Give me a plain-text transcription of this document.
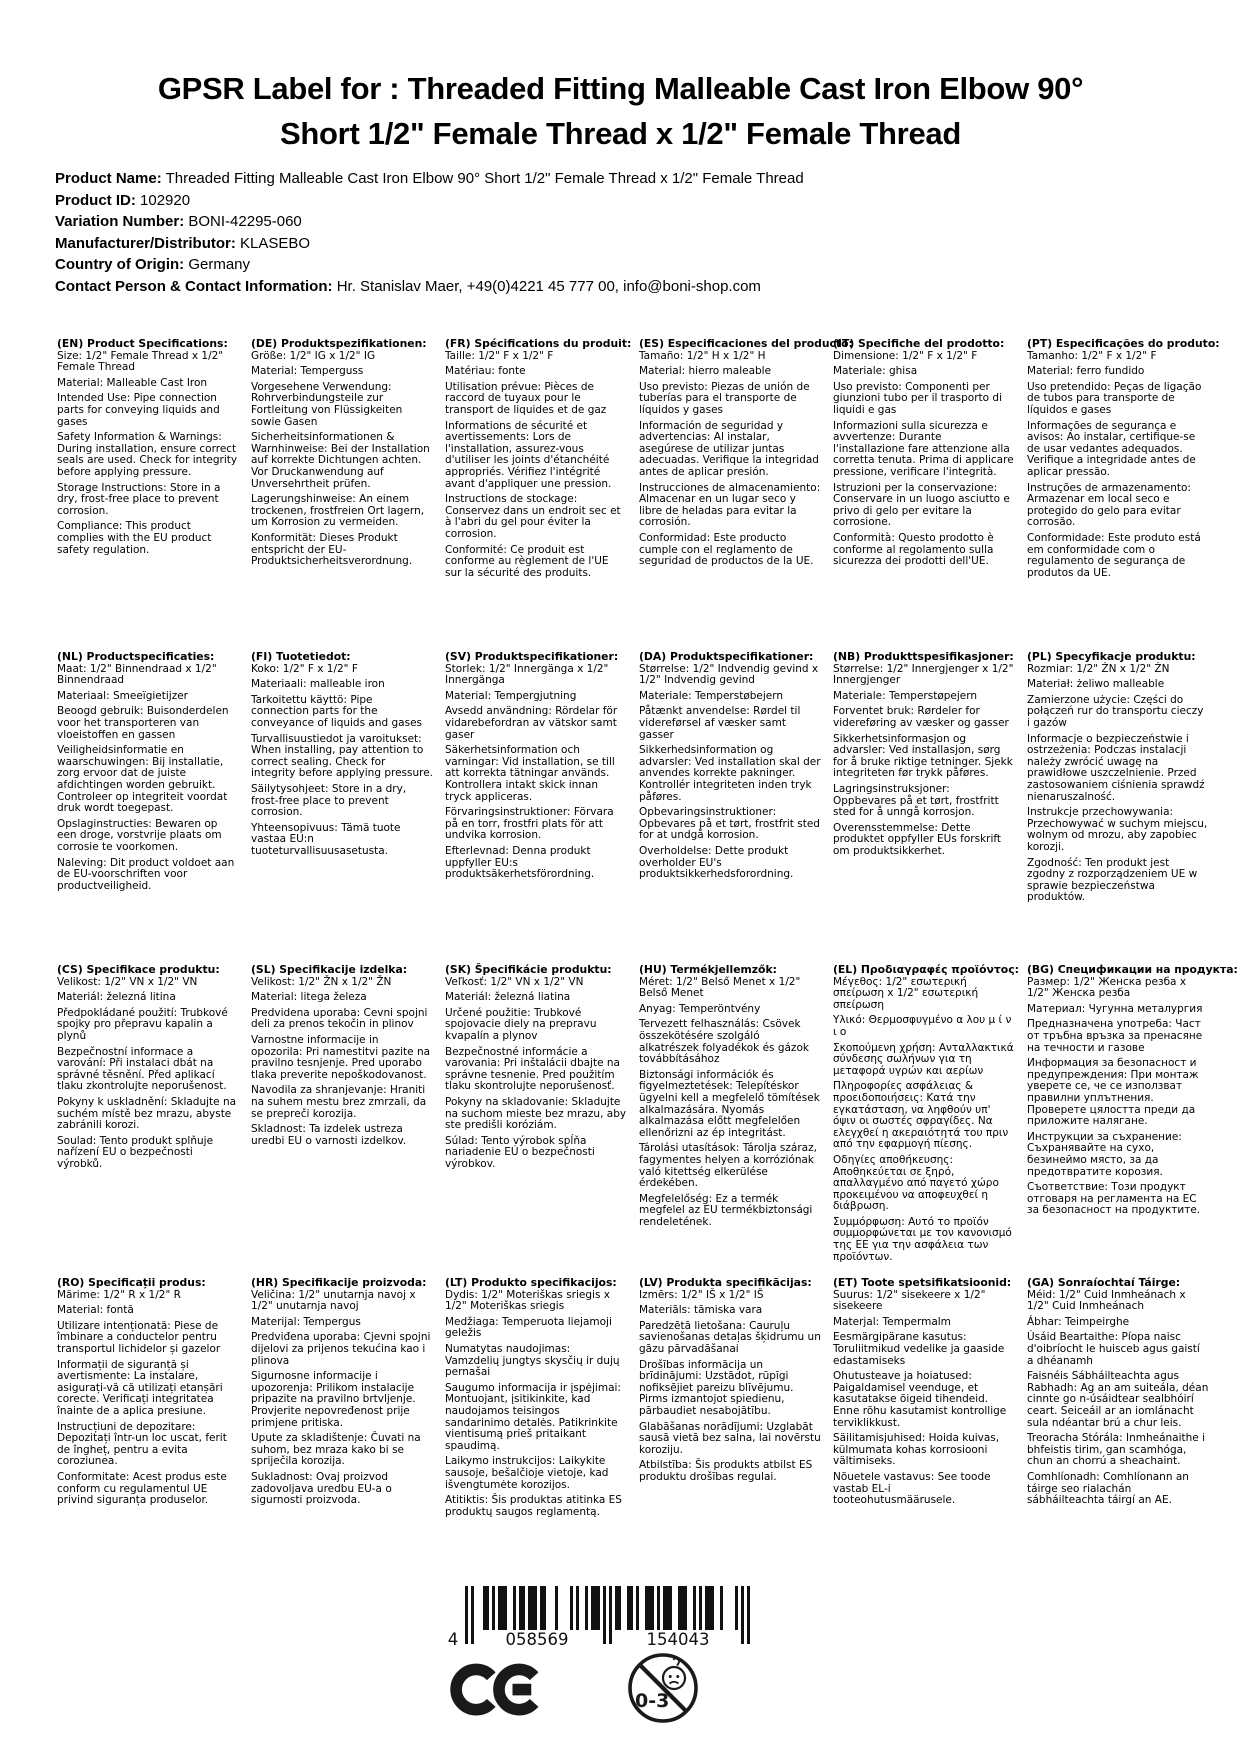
GPSR Label for : Threaded Fitting Malleable Cast Iron Elbow 90°
Short 1/2" Female Thread x 1/2" Female Thread
Product Name: Threaded Fitting Malleable Cast Iron Elbow 90° Short 1/2" Female Thread x 1/2" Female Thread
Product ID: 102920
Variation Number: BONI-42295-060
Manufacturer/Distributor: KLASEBO
Country of Origin: Germany
Contact Person & Contact Information: Hr. Stanislav Maer, +49(0)4221 45 777 00, info@boni-shop.com

(EN) Product Specifications:

Size: 1/2" Female Thread x 1/2" Female Thread

Material: Malleable Cast Iron

Intended Use: Pipe connection parts for conveying liquids and gases

Safety Information & Warnings: During installation, ensure correct seals are used. Check for integrity before applying pressure.

Storage Instructions: Store in a dry, frost-free place to prevent corrosion.

Compliance: This product complies with the EU product safety regulation.

(DE) Produktspezifikationen:

Größe: 1/2" IG x 1/2" IG

Material: Temperguss

Vorgesehene Verwendung: Rohrverbindungsteile zur Fortleitung von Flüssigkeiten sowie Gasen

Sicherheitsinformationen & Warnhinweise: Bei der Installation auf korrekte Dichtungen achten. Vor Druckanwendung auf Unversehrtheit prüfen.

Lagerungshinweise: An einem trockenen, frostfreien Ort lagern, um Korrosion zu vermeiden.

Konformität: Dieses Produkt entspricht der EU-Produktsicherheitsverordnung.

(FR) Spécifications du produit:

Taille: 1/2" F x 1/2" F

Matériau: fonte

Utilisation prévue: Pièces de raccord de tuyaux pour le transport de liquides et de gaz

Informations de sécurité et avertissements: Lors de l'installation, assurez-vous d'utiliser les joints d'étanchéité appropriés. Vérifiez l'intégrité avant d'appliquer une pression.

Instructions de stockage: Conservez dans un endroit sec et à l'abri du gel pour éviter la corrosion.

Conformité: Ce produit est conforme au règlement de l'UE sur la sécurité des produits.

(ES) Especificaciones del producto:

Tamaño: 1/2" H x 1/2" H

Material: hierro maleable

Uso previsto: Piezas de unión de tuberías para el transporte de líquidos y gases

Información de seguridad y advertencias: Al instalar, asegúrese de utilizar juntas adecuadas. Verifique la integridad antes de aplicar presión.

Instrucciones de almacenamiento: Almacenar en un lugar seco y libre de heladas para evitar la corrosión.

Conformidad: Este producto cumple con el reglamento de seguridad de productos de la UE.

(IT) Specifiche del prodotto:

Dimensione: 1/2" F x 1/2" F

Materiale: ghisa

Uso previsto: Componenti per giunzioni tubo per il trasporto di liquidi e gas

Informazioni sulla sicurezza e avvertenze: Durante l'installazione fare attenzione alla corretta tenuta. Prima di applicare pressione, verificare l'integrità.

Istruzioni per la conservazione: Conservare in un luogo asciutto e privo di gelo per evitare la corrosione.

Conformità: Questo prodotto è conforme al regolamento sulla sicurezza dei prodotti dell'UE.

(PT) Especificações do produto:

Tamanho: 1/2" F x 1/2" F

Material: ferro fundido

Uso pretendido: Peças de ligação de tubos para transporte de líquidos e gases

Informações de segurança e avisos: Ao instalar, certifique-se de usar vedantes adequados. Verifique a integridade antes de aplicar pressão.

Instruções de armazenamento: Armazenar em local seco e protegido do gelo para evitar corrosão.

Conformidade: Este produto está em conformidade com o regulamento de segurança de produtos da UE.

(NL) Productspecificaties:

Maat: 1/2" Binnendraad x 1/2" Binnendraad

Materiaal: Smeeïgietijzer

Beoogd gebruik: Buisonderdelen voor het transporteren van vloeistoffen en gassen

Veiligheidsinformatie en waarschuwingen: Bij installatie, zorg ervoor dat de juiste afdichtingen worden gebruikt. Controleer op integriteit voordat druk wordt toegepast.

Opslaginstructies: Bewaren op een droge, vorstvrije plaats om corrosie te voorkomen.

Naleving: Dit product voldoet aan de EU-voorschriften voor productveiligheid.

(FI) Tuotetiedot:

Koko: 1/2" F x 1/2" F

Materiaali: malleable iron

Tarkoitettu käyttö: Pipe connection parts for the conveyance of liquids and gases

Turvallisuustiedot ja varoitukset: When installing, pay attention to correct sealing. Check for integrity before applying pressure.

Säilytysohjeet: Store in a dry, frost-free place to prevent corrosion.

Yhteensopivuus: Tämä tuote vastaa EU:n tuoteturvallisuusasetusta.

(SV) Produktspecifikationer:

Storlek: 1/2" Innergänga x 1/2" Innergänga

Material: Tempergjutning

Avsedd användning: Rördelar för vidarebefordran av vätskor samt gaser

Säkerhetsinformation och varningar: Vid installation, se till att korrekta tätningar används. Kontrollera intakt skick innan tryck appliceras.

Förvaringsinstruktioner: Förvara på en torr, frostfri plats för att undvika korrosion.

Efterlevnad: Denna produkt uppfyller EU:s produktsäkerhetsförordning.

(DA) Produktspecifikationer:

Størrelse: 1/2" Indvendig gevind x 1/2" Indvendig gevind

Materiale: Temperstøbejern

Påtænkt anvendelse: Rørdel til videreførsel af væsker samt gasser

Sikkerhedsinformation og advarsler: Ved installation skal der anvendes korrekte pakninger. Kontrollér integriteten inden tryk påføres.

Opbevaringsinstruktioner: Opbevares på et tørt, frostfrit sted for at undgå korrosion.

Overholdelse: Dette produkt overholder EU's produktsikkerhedsforordning.

(NB) Produkttspesifikasjoner:

Størrelse: 1/2" Innergjenger x 1/2" Innergjenger

Materiale: Temperstøpejern

Forventet bruk: Rørdeler for videreføring av væsker og gasser

Sikkerhetsinformasjon og advarsler: Ved installasjon, sørg for å bruke riktige tetninger. Sjekk integriteten før trykk påføres.

Lagringsinstruksjoner: Oppbevares på et tørt, frostfritt sted for å unngå korrosjon.

Overensstemmelse: Dette produktet oppfyller EUs forskrift om produktsikkerhet.

(PL) Specyfikacje produktu:

Rozmiar: 1/2" ŻN x 1/2" ŻN

Materiał: żeliwo malleable

Zamierzone użycie: Części do połączeń rur do transportu cieczy i gazów

Informacje o bezpieczeństwie i ostrzeżenia: Podczas instalacji należy zwrócić uwagę na prawidłowe uszczelnienie. Przed zastosowaniem ciśnienia sprawdź nienaruszalność.

Instrukcje przechowywania: Przechowywać w suchym miejscu, wolnym od mrozu, aby zapobiec korozji.

Zgodność: Ten produkt jest zgodny z rozporządzeniem UE w sprawie bezpieczeństwa produktów.

(CS) Specifikace produktu:

Velikost: 1/2" VN x 1/2" VN

Materiál: železná litina

Předpokládané použití: Trubkové spojky pro přepravu kapalin a plynů

Bezpečnostní informace a varování: Při instalaci dbát na správné těsnění. Před aplikací tlaku zkontrolujte neporušenost.

Pokyny k uskladnění: Skladujte na suchém místě bez mrazu, abyste zabránili korozi.

Soulad: Tento produkt splňuje nařízení EU o bezpečnosti výrobků.

(SL) Specifikacije izdelka:

Velikost: 1/2" ŽN x 1/2" ŽN

Material: litega železa

Predvidena uporaba: Cevni spojni deli za prenos tekočin in plinov

Varnostne informacije in opozorila: Pri namestitvi pazite na pravilno tesnjenje. Pred uporabo tlaka preverite nepoškodovanost.

Navodila za shranjevanje: Hraniti na suhem mestu brez zmrzali, da se prepreči korozija.

Skladnost: Ta izdelek ustreza uredbi EU o varnosti izdelkov.

(SK) Špecifikácie produktu:

Veľkosť: 1/2" VN x 1/2" VN

Materiál: železná liatina

Určené použitie: Trubkové spojovacie diely na prepravu kvapalín a plynov

Bezpečnostné informácie a varovania: Pri inštalácii dbajte na správne tesnenie. Pred použitím tlaku skontrolujte neporušenosť.

Pokyny na skladovanie: Skladujte na suchom mieste bez mrazu, aby ste predišli koróziám.

Súlad: Tento výrobok spĺňa nariadenie EÚ o bezpečnosti výrobkov.

(HU) Termékjellemzők:

Méret: 1/2" Belső Menet x 1/2" Belső Menet

Anyag: Temperöntvény

Tervezett felhasználás: Csövek összekötésére szolgáló alkatrészek folyadékok és gázok továbbításához

Biztonsági információk és figyelmeztetések: Telepítéskor ügyelni kell a megfelelő tömítések alkalmazására. Nyomás alkalmazása előtt megfelelően ellenőrizni az ép integritást.

Tárolási utasítások: Tárolja száraz, fagymentes helyen a korróziónak való kitettség elkerülése érdekében.

Megfelelőség: Ez a termék megfelel az EU termékbiztonsági rendeletének.

(EL) Προδιαγραφές προϊόντος:

Μέγεθος: 1/2" εσωτερική σπείρωση x 1/2" εσωτερική σπείρωση

Υλικό: Θερμοσφυγμένο α λου μ ί ν ι ο

Σκοπούμενη χρήση: Ανταλλακτικά σύνδεσης σωλήνων για τη μεταφορά υγρών και αερίων

Πληροφορίες ασφάλειας & προειδοποιήσεις: Κατά την εγκατάσταση, να ληφθούν υπ' όψιν οι σωστές σφραγίδες. Να ελεγχθεί η ακεραιότητά του πριν από την εφαρμογή πίεσης.

Οδηγίες αποθήκευσης: Αποθηκεύεται σε ξηρό, απαλλαγμένο από παγετό χώρο προκειμένου να αποφευχθεί η διάβρωση.

Συμμόρφωση: Αυτό το προϊόν συμμορφώνεται με τον κανονισμό της ΕΕ για την ασφάλεια των προϊόντων.

(BG) Спецификации на продукта:

Размер: 1/2" Женска резба x 1/2" Женска резба

Материал: Чугунна металургия

Предназначена употреба: Част от тръбна връзка за пренасяне на течности и газове

Информация за безопасност и предупреждения: При монтаж уверете се, че се използват правилни уплътнения. Проверете цялостта преди да приложите налягане.

Инструкции за съхранение: Съхранявайте на сухо, безинеймо място, за да предотвратите корозия.

Съответствие: Този продукт отговаря на регламента на ЕС за безопасност на продуктите.

(RO) Specificații produs:

Mărime: 1/2" R x 1/2" R

Material: fontă

Utilizare intenționată: Piese de îmbinare a conductelor pentru transportul lichidelor și gazelor

Informații de siguranță și avertismente: La instalare, asigurați-vă că utilizați etanșări corecte. Verificați integritatea înainte de a aplica presiune.

Instrucțiuni de depozitare: Depozitați într-un loc uscat, ferit de îngheț, pentru a evita coroziunea.

Conformitate: Acest produs este conform cu regulamentul UE privind siguranța produselor.

(HR) Specifikacije proizvoda:

Veličina: 1/2" unutarnja navoj x 1/2" unutarnja navoj

Materijal: Tempergus

Predviđena uporaba: Cjevni spojni dijelovi za prijenos tekućina kao i plinova

Sigurnosne informacije i upozorenja: Prilikom instalacije pripazite na pravilno brtvljenje. Provjerite nepovređenost prije primjene pritiska.

Upute za skladištenje: Čuvati na suhom, bez mraza kako bi se spriječila korozija.

Sukladnost: Ovaj proizvod zadovoljava uredbu EU-a o sigurnosti proizvoda.

(LT) Produkto specifikacijos:

Dydis: 1/2" Moteriškas sriegis x 1/2" Moteriškas sriegis

Medžiaga: Temperuota liejamoji geležis

Numatytas naudojimas: Vamzdelių jungtys skysčių ir dujų pernašai

Saugumo informacija ir įspėjimai: Montuojant, įsitikinkite, kad naudojamos teisingos sandarinimo detalės. Patikrinkite vientisumą prieš pritaikant spaudimą.

Laikymo instrukcijos: Laikykite sausoje, bešalčioje vietoje, kad išvengtumėte korozijos.

Atitiktis: Šis produktas atitinka ES produktų saugos reglamentą.

(LV) Produkta specifikācijas:

Izmērs: 1/2" IŠ x 1/2" IŠ

Materiāls: tāmiska vara

Paredzētā lietošana: Cauruļu savienošanas detaļas šķidrumu un gāzu pārvadāšanai

Drošības informācija un brīdinājumi: Uzstādot, rūpīgi nofiksējiet pareizu blīvējumu. Pirms izmantojot spiedienu, pārbaudiet nesabojātību.

Glabāšanas norādījumi: Uzglabāt sausā vietā bez salna, lai novērstu koroziju.

Atbilstība: Šis produkts atbilst ES produktu drošības regulai.

(ET) Toote spetsifikatsioonid:

Suurus: 1/2" sisekeere x 1/2" sisekeere

Materjal: Tempermalm

Eesmärgipärane kasutus: Toruliitmikud vedelike ja gaaside edastamiseks

Ohutusteave ja hoiatused: Paigaldamisel veenduge, et kasutatakse õigeid tihendeid. Enne rõhu kasutamist kontrollige terviklikkust.

Säilitamisjuhised: Hoida kuivas, külmumata kohas korrosiooni vältimiseks.

Nõuetele vastavus: See toode vastab EL-i tooteohutusmäärusele.

(GA) Sonraíochtaí Táirge:

Méid: 1/2" Cuid Inmheánach x 1/2" Cuid Inmheánach

Ábhar: Teimpeirghe

Úsáid Beartaithe: Píopa naisc d'oibríocht le huisceb agus gaistí a dhéanamh

Faisnéis Sábháilteachta agus Rabhadh: Ag an am suiteála, déan cinnte go n-úsáidtear sealbhóirí ceart. Seiceáil ar an iomlánacht sula ndéantar brú a chur leis.

Treoracha Stórála: Inmheánaithe i bhfeistis tirim, gan scamhóga, chun an chorrú a sheachaint.

Comhlíonadh: Comhlíonann an táirge seo rialachán sábháilteachta táirgí an AE.

4	058569	154043
0-3
